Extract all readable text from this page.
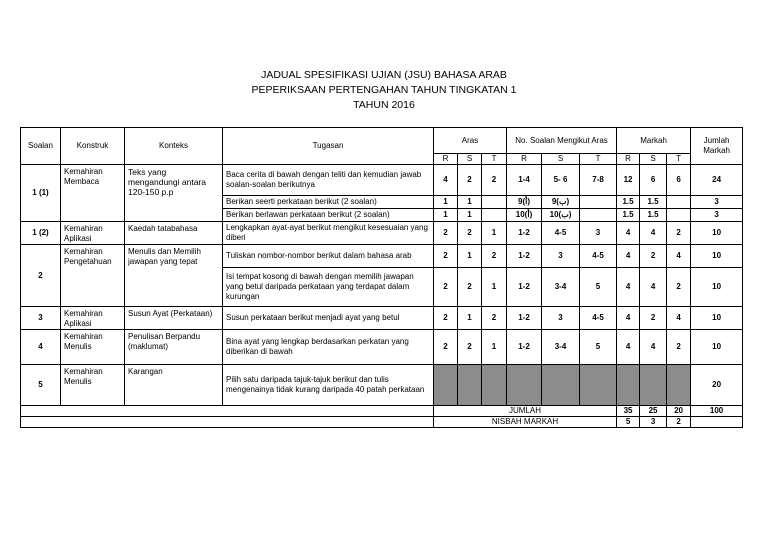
JADUAL SPESIFIKASI UJIAN (JSU) BAHASA ARAB
PEPERIKSAAN PERTENGAHAN TAHUN TINGKATAN 1
TAHUN 2016
Soalan	Konstruk	Konteks	Tugasan	Aras			No. Soalan Mengikut Aras			Markah			Jumlah Markah
				R	S	T	R	S	T	R	S	T	
1 (1)	Kemahiran Membaca	Teks yang mengandungi antara 120-150 p.p	Baca cerita di bawah dengan teliti dan kemudian jawab soalan-soalan berikutnya	4	2	2	1-4	5- 6	7-8	12	6	6	24
			Berikan seerti perkataan berikut (2 soalan)	1	1		9(أ)	9(ب)		1.5	1.5		3
			Berikan berlawan perkataan berikut (2 soalan)	1	1		10(أ)	10(ب)		1.5	1.5		3
1 (2)	Kemahiran Aplikasi	Kaedah tatabahasa	Lengkapkan ayat-ayat berikut mengikut kesesuaian yang diberi	2	2	1	1-2	4-5	3	4	4	2	10
2	Kemahiran Pengetahuan	Menulis dan Memilih jawapan yang tepat	Tuliskan nombor-nombor berikut dalam bahasa arab	2	1	2	1-2	3	4-5	4	2	4	10
			Isi tempat kosong di bawah dengan memilih jawapan yang betul daripada perkataan yang terdapat dalam kurungan	2	2	1	1-2	3-4	5	4	4	2	10
3	Kemahiran Aplikasi	Susun Ayat (Perkataan)	Susun perkataan berikut menjadi ayat yang betul	2	1	2	1-2	3	4-5	4	2	4	10
4	Kemahiran Menulis	Penulisan Berpandu (maklumat)	Bina ayat yang lengkap berdasarkan perkatan yang diberikan di bawah	2	2	1	1-2	3-4	5	4	4	2	10
5	Kemahiran Menulis	Karangan	Pilih satu daripada tajuk-tajuk berikut dan tulis mengenainya tidak kurang daripada 40 patah perkataan										20
				JUMLAH						35	25	20	100
				NISBAH MARKAH						5	3	2	
